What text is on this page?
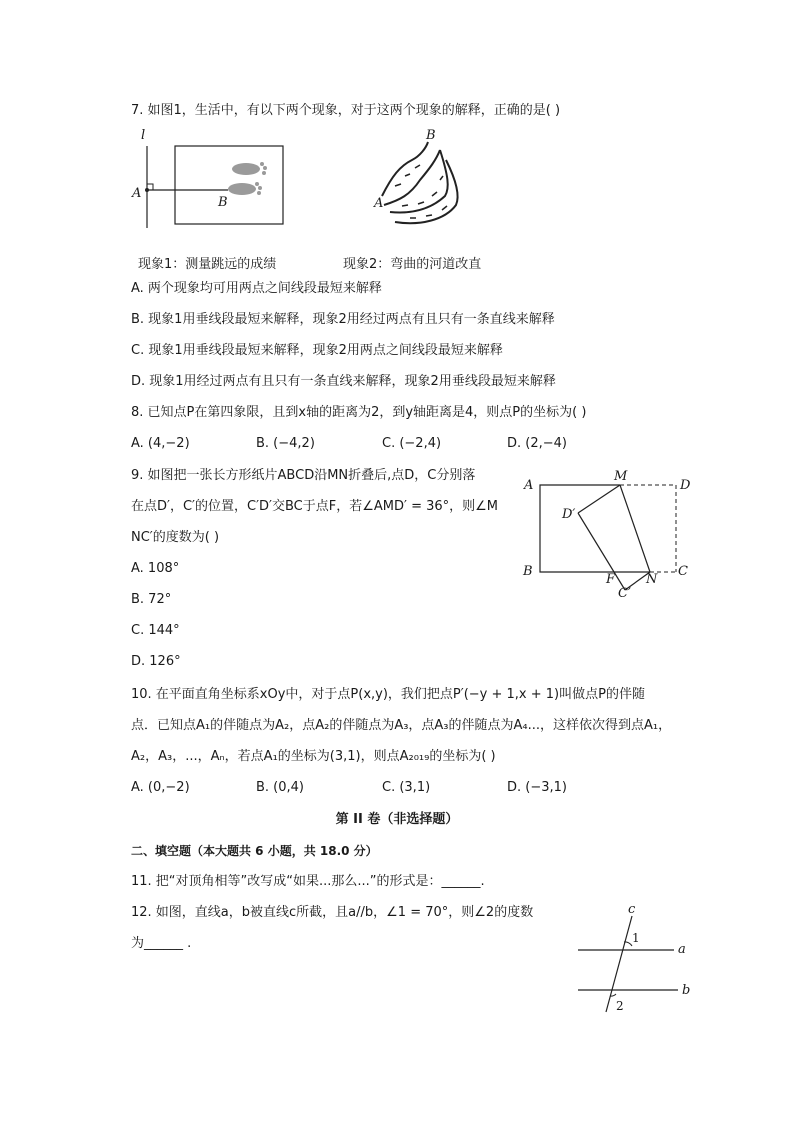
7. 如图1，生活中，有以下两个现象，对于这两个现象的解释，正确的是( )
l
A
B
现象1：测量跳远的成绩
B
A
现象2：弯曲的河道改直
A. 两个现象均可用两点之间线段最短来解释
B. 现象1用垂线段最短来解释，现象2用经过两点有且只有一条直线来解释
C. 现象1用垂线段最短来解释，现象2用两点之间线段最短来解释
D. 现象1用经过两点有且只有一条直线来解释，现象2用垂线段最短来解释
8. 已知点P在第四象限，且到x轴的距离为2，到y轴距离是4，则点P的坐标为( )
A. (4,−2)	B. (−4,2)	C. (−2,4)	D. (2,−4)
9. 如图把一张长方形纸片ABCD沿MN折叠后,点D，C分别落
在点D′，C′的位置，C′D′交BC于点F，若∠AMD′ = 36°，则∠M
NC′的度数为( )
A. 108°
B. 72°
C. 144°
D. 126°
A
M
D
D′
B
F N
C
C′
10. 在平面直角坐标系xOy中，对于点P(x,y)，我们把点P′(−y + 1,x + 1)叫做点P的伴随
点．已知点A₁的伴随点为A₂，点A₂的伴随点为A₃，点A₃的伴随点为A₄...，这样依次得到点A₁，
A₂，A₃，...，Aₙ，若点A₁的坐标为(3,1)，则点A₂₀₁₉的坐标为( )
A. (0,−2)	B. (0,4)	C. (3,1)	D. (−3,1)
第 II 卷（非选择题）
二、填空题（本大题共 6 小题，共 18.0 分）
11. 把“对顶角相等”改写成“如果...那么...”的形式是：______.
12. 如图，直线a，b被直线c所截，且a//b，∠1 = 70°，则∠2的度数
为______ .
c
a
b
1
2
